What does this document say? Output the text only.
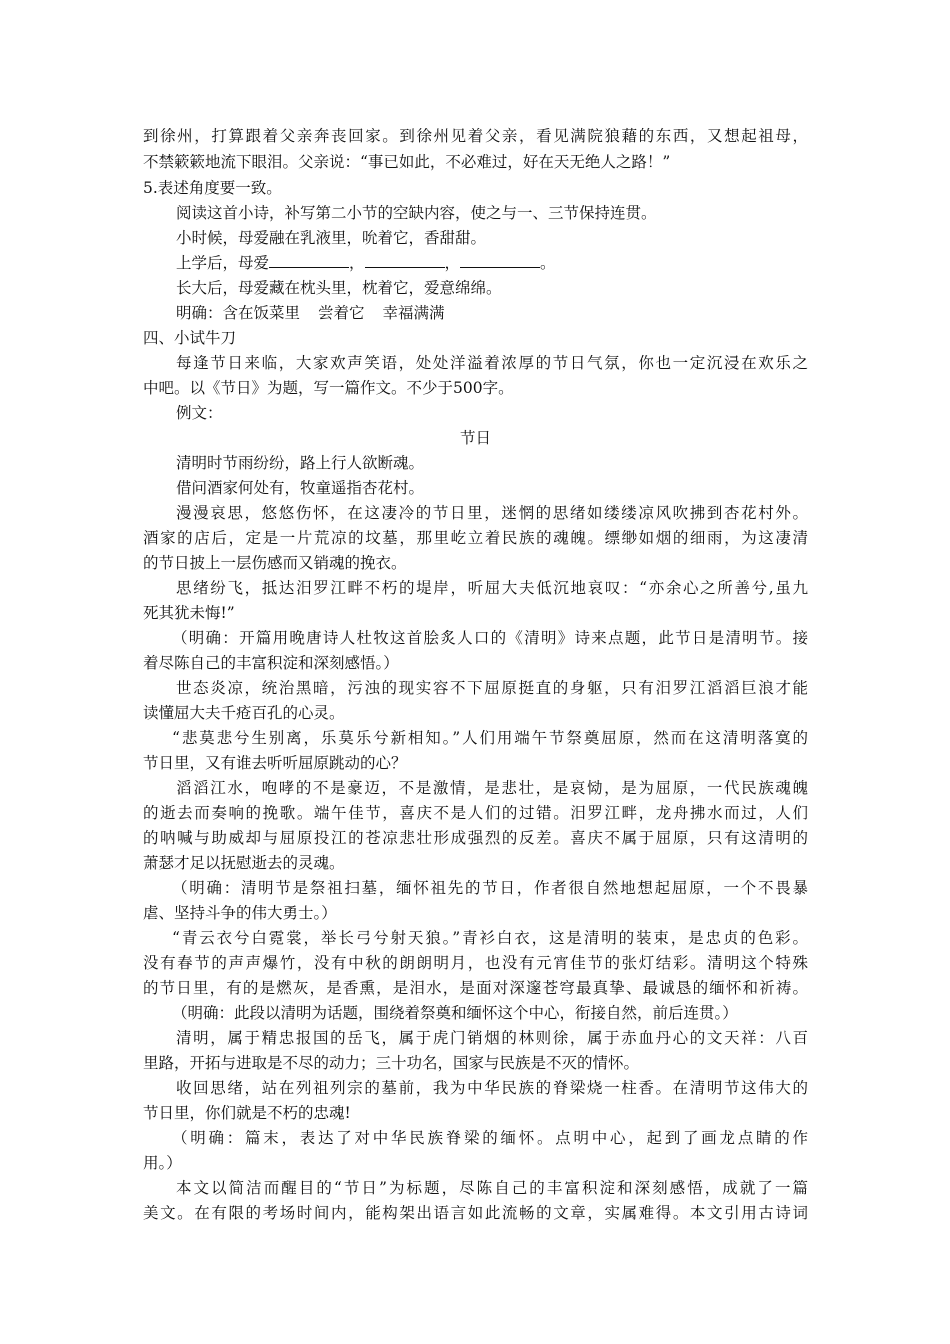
到徐州，打算跟着父亲奔丧回家。到徐州见着父亲，看见满院狼藉的东西，又想起祖母，

不禁簌簌地流下眼泪。父亲说：“事已如此，不必难过，好在天无绝人之路！”

5.表述角度要一致。

阅读这首小诗，补写第二小节的空缺内容，使之与一、三节保持连贯。

小时候，母爱融在乳液里，吮着它，香甜甜。

上学后，母爱	，	，	。

长大后，母爱藏在枕头里，枕着它，爱意绵绵。

明确：含在饭菜里 尝着它 幸福满满

四、小试牛刀

每逢节日来临，大家欢声笑语，处处洋溢着浓厚的节日气氛，你也一定沉浸在欢乐之

中吧。以《节日》为题，写一篇作文。不少于500字。

例文：

节日

清明时节雨纷纷，路上行人欲断魂。

借问酒家何处有，牧童遥指杏花村。

漫漫哀思，悠悠伤怀，在这凄冷的节日里，迷惘的思绪如缕缕凉风吹拂到杏花村外。

酒家的店后，定是一片荒凉的坟墓，那里屹立着民族的魂魄。缥缈如烟的细雨，为这凄清

的节日披上一层伤感而又销魂的挽衣。

思绪纷飞，抵达汨罗江畔不朽的堤岸，听屈大夫低沉地哀叹：“亦余心之所善兮,虽九

死其犹未悔!”

（明确：开篇用晚唐诗人杜牧这首脍炙人口的《清明》诗来点题，此节日是清明节。接

着尽陈自己的丰富积淀和深刻感悟。）

世态炎凉，统治黑暗，污浊的现实容不下屈原挺直的身躯，只有汨罗江滔滔巨浪才能

读懂屈大夫千疮百孔的心灵。

“悲莫悲兮生别离，乐莫乐兮新相知。”人们用端午节祭奠屈原，然而在这清明落寞的

节日里，又有谁去听听屈原跳动的心？

滔滔江水，咆哮的不是豪迈，不是激情，是悲壮，是哀恸，是为屈原，一代民族魂魄

的逝去而奏响的挽歌。端午佳节，喜庆不是人们的过错。汨罗江畔，龙舟拂水而过，人们

的呐喊与助威却与屈原投江的苍凉悲壮形成强烈的反差。喜庆不属于屈原，只有这清明的

萧瑟才足以抚慰逝去的灵魂。

（明确：清明节是祭祖扫墓，缅怀祖先的节日，作者很自然地想起屈原，一个不畏暴

虐、坚持斗争的伟大勇士。）

“青云衣兮白霓裳，举长弓兮射天狼。”青衫白衣，这是清明的装束，是忠贞的色彩。

没有春节的声声爆竹，没有中秋的朗朗明月，也没有元宵佳节的张灯结彩。清明这个特殊

的节日里，有的是燃灰，是香熏，是泪水，是面对深邃苍穹最真挚、最诚恳的缅怀和祈祷。

（明确：此段以清明为话题，围绕着祭奠和缅怀这个中心，衔接自然，前后连贯。）

清明，属于精忠报国的岳飞，属于虎门销烟的林则徐，属于赤血丹心的文天祥：八百

里路，开拓与进取是不尽的动力；三十功名，国家与民族是不灭的情怀。

收回思绪，站在列祖列宗的墓前，我为中华民族的脊梁烧一柱香。在清明节这伟大的

节日里，你们就是不朽的忠魂!

（明确：篇末，表达了对中华民族脊梁的缅怀。点明中心，起到了画龙点睛的作

用。）

本文以简洁而醒目的“节日”为标题，尽陈自己的丰富积淀和深刻感悟，成就了一篇

美文。在有限的考场时间内，能构架出语言如此流畅的文章，实属难得。本文引用古诗词
